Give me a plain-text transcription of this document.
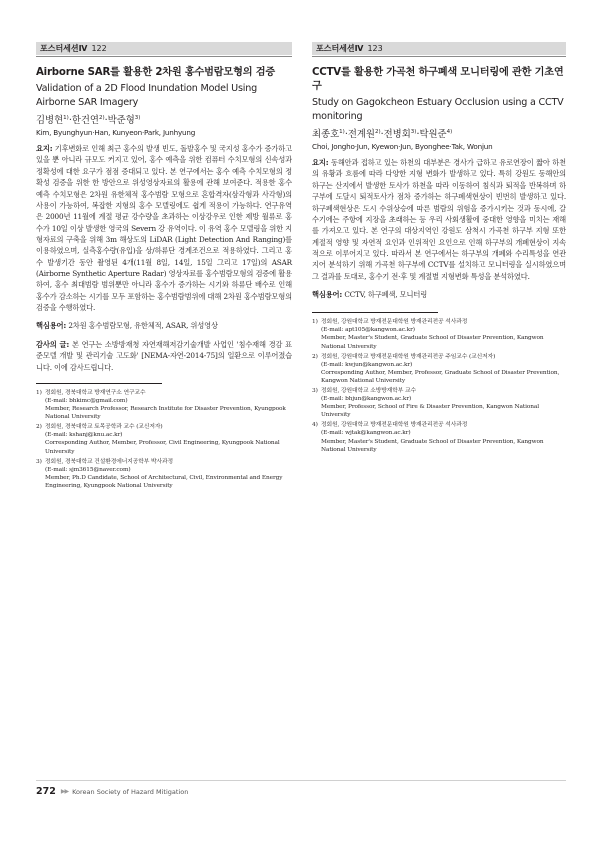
포스터세션Ⅳ 122
Airborne SAR를 활용한 2차원 홍수범람모형의 검증
Validation of a 2D Flood Inundation Model Using Airborne SAR Imagery
김병현$^{1)}$·한건연$^{2)}$·박준형$^{3)}$
Kim, Byunghyun·Han, Kunyeon·Park, Junhyung

요지: 기후변화로 인해 최근 홍수의 발생 빈도, 돌발홍수 및 국지성 홍수가 증가하고 있을 뿐 아니라 규모도 커지고 있어, 홍수 예측을 위한 컴퓨터 수치모형의 신속성과 정확성에 대한 요구가 점점 증대되고 있다. 본 연구에서는 홍수 예측 수치모형의 정확성 검증을 위한 한 방안으로 위성영상자료의 활용에 관해 보여준다. 적용한 홍수 예측 수치모형은 2차원 유한체적 홍수범람 모형으로 혼합격자(삼각형과 사각형)의 사용이 가능하여, 복잡한 지형의 홍수 모델링에도 쉽게 적용이 가능하다. 연구유역은 2000년 11월에 계절 평균 강수량을 초과하는 이상강우로 인한 제방 월류로 홍수가 10일 이상 발생한 영국의 Severn 강 유역이다. 이 유역 홍수 모델링을 위한 지형자료의 구축을 위해 3m 해상도의 LiDAR (Light Detection And Ranging)를 이용하였으며, 실측홍수량(유입)을 상/하류단 경계조건으로 적용하였다. 그리고 홍수 발생기간 동안 촬영된 4개(11월 8일, 14일, 15일 그리고 17일)의 ASAR (Airborne Synthetic Aperture Radar) 영상자료를 홍수범람모형의 검증에 활용하여, 홍수 최대범람 범위뿐만 아니라 홍수가 증가하는 시기와 하류단 배수로 인해 홍수가 감소하는 시기를 모두 포함하는 홍수범람범위에 대해 2차원 홍수범람모형의 검증을 수행하였다.

핵심용어: 2차원 홍수범람모형, 유한체적, ASAR, 위성영상

감사의 글: 본 연구는 소방방재청 자연재해저감기술개발 사업인 '침수재해 경감 표준모델 개발 및 관리기술 고도화' [NEMA-자연-2014-75]의 일환으로 이루어졌습니다. 이에 감사드립니다.

1) 정회원, 경북대학교 방재연구소 연구교수
(E-mail: bhkimc@gmail.com)
Member, Research Professor, Research Institute for Disaster Prevention, Kyungpook National University
2) 정회원, 경북대학교 토목공학과 교수 (교신저자)
(E-mail: kshanj@knu.ac.kr)
Corresponding Author, Member, Professor, Civil Engineering, Kyungpook National University
3) 정회원, 경북대학교 건설환경에너지공학부 박사과정
(E-mail: sjm3615@naver.com)
Member, Ph.D Candidate, School of Architectural, Civil, Environmental and Energy Engineering, Kyungpook National University
포스터세션Ⅳ 123
CCTV를 활용한 가곡천 하구폐색 모니터링에 관한 기초연구
Study on Gagokcheon Estuary Occlusion using a CCTV monitoring
최종호$^{1)}$·전계원$^{2)}$·전병회$^{3)}$·탁원준$^{4)}$
Choi, Jongho·Jun, Kyewon·Jun, Byonghee·Tak, Wonjun

요지: 동해안과 접하고 있는 하천의 대부분은 경사가 급하고 유로연장이 짧아 하천의 유황과 흐름에 따라 다양한 지형 변화가 발생하고 있다. 특히 강원도 동해안의 하구는 산지에서 발생한 토사가 하천을 따라 이동하여 침식과 퇴적을 반복하며 하구부에 도달시 퇴적토사가 점차 증가하는 하구폐색현상이 빈번히 발생하고 있다. 하구폐색현상은 도시 수위상승에 따른 범람의 위험을 증가시키는 것과 동시에, 갈수기에는 주항에 지장을 초래하는 등 우리 사회생활에 중대한 영향을 미치는 재해를 가져오고 있다. 본 연구의 대상지역인 강원도 삼척시 가곡천 하구부 지형 또한 계절적 영향 및 자연적 요인과 인위적인 요인으로 인해 하구부의 개폐현상이 지속적으로 이루어지고 있다. 따라서 본 연구에서는 하구부의 개폐와 수리특성을 연관 지어 분석하기 위해 가곡천 하구부에 CCTV를 설치하고 모니터링을 실시하였으며 그 결과를 토대로, 홍수기 전·후 및 계절별 지형변화 특성을 분석하였다.

핵심용어: CCTV, 하구폐색, 모니터링

1) 정회원, 강원대학교 방재전문대학원 방재관리전공 석사과정
(E-mail: apt105@kangwon.ac.kr)
Member, Master's Student, Graduate School of Disaster Prevention, Kangwon National University
2) 정회원, 강원대학교 방재전문대학원 방재관리전공 주임교수 (교신저자)
(E-mail: kwjun@kangwon.ac.kr)
Corresponding Author, Member, Professor, Graduate School of Disaster Prevention, Kangwon National University
3) 정회원, 강원대학교 소방방재학부 교수
(E-mail: bhjun@kangwon.ac.kr)
Member, Professor, School of Fire & Disaster Prevention, Kangwon National University
4) 정회원, 강원대학교 방재전문대학원 방재관리전공 석사과정
(E-mail: wjtak@kangwon.ac.kr)
Member, Master's Student, Graduate School of Disaster Prevention, Kangwon National University
272 ▶▶ Korean Society of Hazard Mitigation
